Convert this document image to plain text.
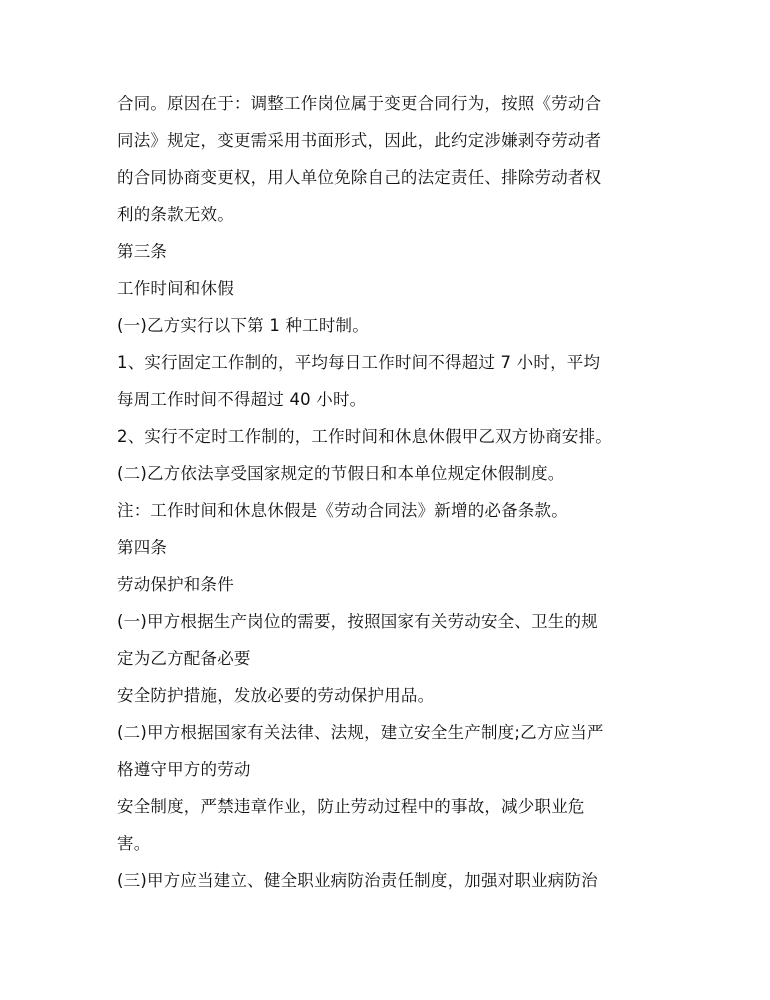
合同。原因在于：调整工作岗位属于变更合同行为，按照《劳动合
同法》规定，变更需采用书面形式，因此，此约定涉嫌剥夺劳动者
的合同协商变更权，用人单位免除自己的法定责任、排除劳动者权
利的条款无效。
第三条
工作时间和休假
(一)乙方实行以下第 1 种工时制。
1、实行固定工作制的，平均每日工作时间不得超过 7 小时，平均
每周工作时间不得超过 40 小时。
2、实行不定时工作制的，工作时间和休息休假甲乙双方协商安排。
(二)乙方依法享受国家规定的节假日和本单位规定休假制度。
注：工作时间和休息休假是《劳动合同法》新增的必备条款。
第四条
劳动保护和条件
(一)甲方根据生产岗位的需要，按照国家有关劳动安全、卫生的规
定为乙方配备必要
安全防护措施，发放必要的劳动保护用品。
(二)甲方根据国家有关法律、法规，建立安全生产制度;乙方应当严
格遵守甲方的劳动
安全制度，严禁违章作业，防止劳动过程中的事故，减少职业危
害。
(三)甲方应当建立、健全职业病防治责任制度，加强对职业病防治
